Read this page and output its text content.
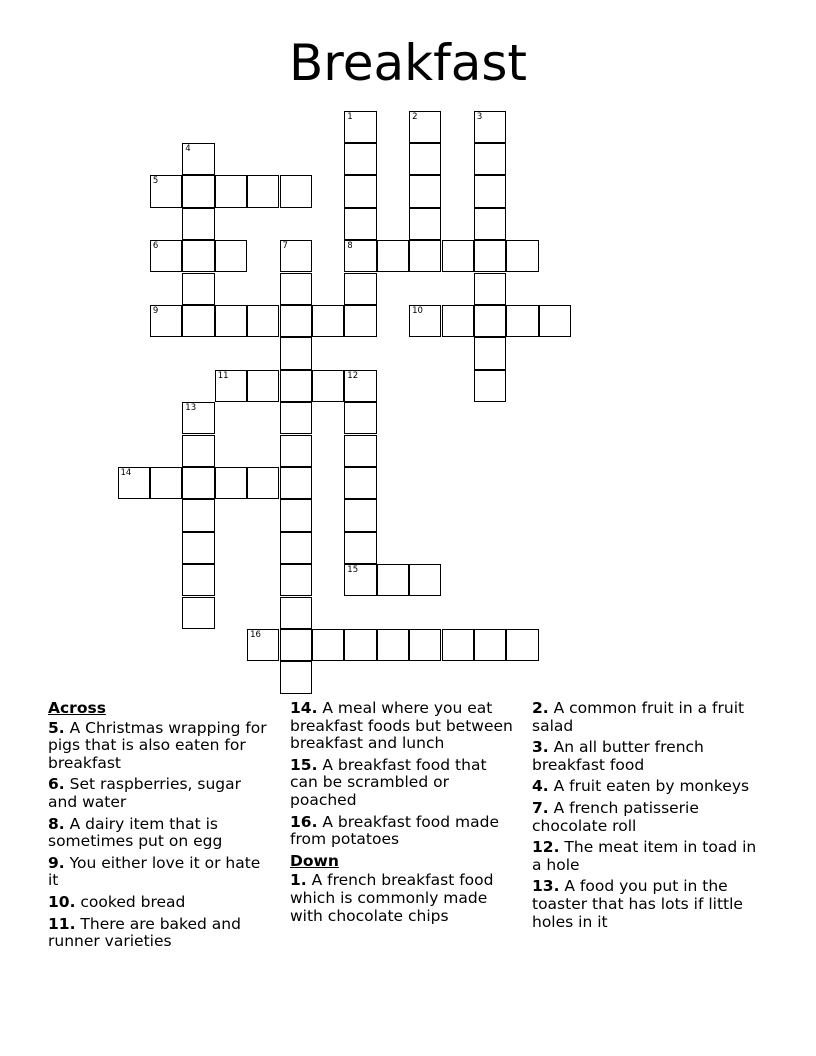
Breakfast
1
8
2	3
4
5
6	7
9	10
11	12
15
13
14
16
Across
5. A Christmas wrapping for pigs that is also eaten for breakfast
6. Set raspberries, sugar and water
8. A dairy item that is sometimes put on egg
9. You either love it or hate it
10. cooked bread
11. There are baked and runner varieties
14. A meal where you eat breakfast foods but between breakfast and lunch
15. A breakfast food that can be scrambled or poached
16. A breakfast food made from potatoes
Down
1. A french breakfast food which is commonly made with chocolate chips
2. A common fruit in a fruit salad
3. An all butter french breakfast food
4. A fruit eaten by monkeys
7. A french patisserie chocolate roll
12. The meat item in toad in a hole
13. A food you put in the toaster that has lots if little holes in it
